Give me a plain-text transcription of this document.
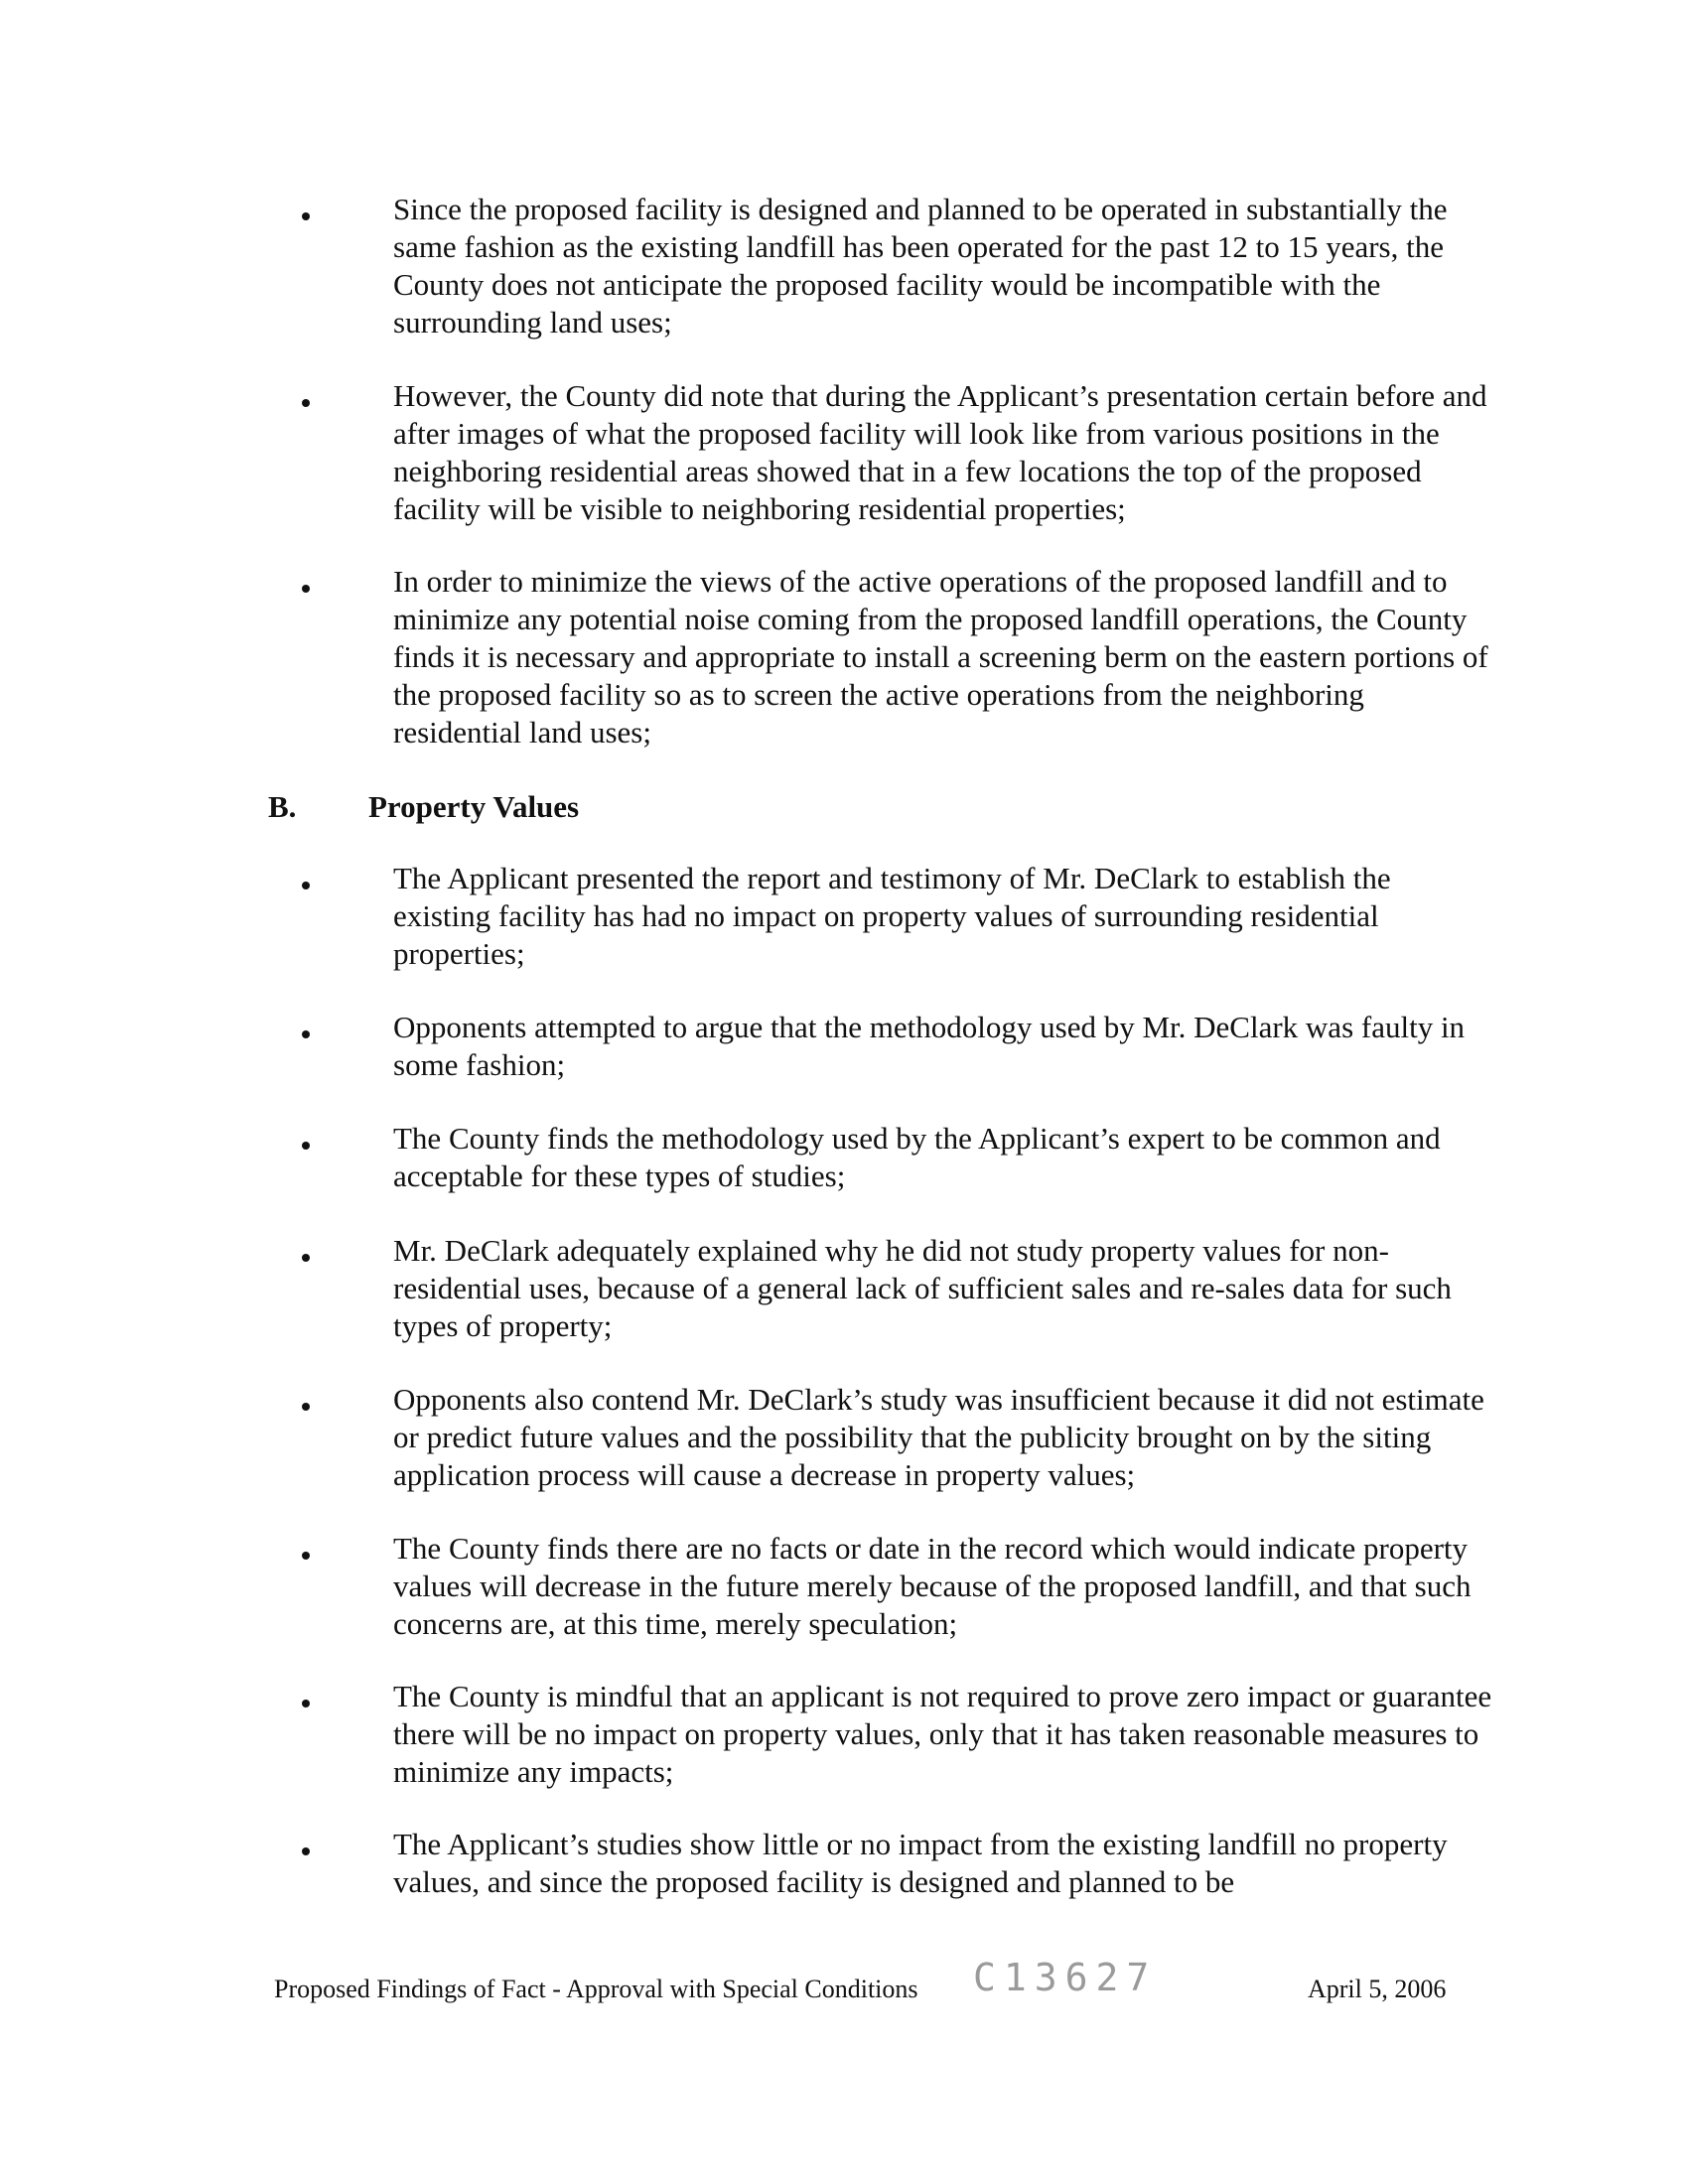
Since the proposed facility is designed and planned to be operated in substantially the same fashion as the existing landfill has been operated for the past 12 to 15 years, the County does not anticipate the proposed facility would be incompatible with the surrounding land uses;
However, the County did note that during the Applicant’s presentation certain before and after images of what the proposed facility will look like from various positions in the neighboring residential areas showed that in a few locations the top of the proposed facility will be visible to neighboring residential properties;
In order to minimize the views of the active operations of the proposed landfill and to minimize any potential noise coming from the proposed landfill operations, the County finds it is necessary and appropriate to install a screening berm on the eastern portions of the proposed facility so as to screen the active operations from the neighboring residential land uses;
B. Property Values
The Applicant presented the report and testimony of Mr. DeClark to establish the existing facility has had no impact on property values of surrounding residential properties;
Opponents attempted to argue that the methodology used by Mr. DeClark was faulty in some fashion;
The County finds the methodology used by the Applicant’s expert to be common and acceptable for these types of studies;
Mr. DeClark adequately explained why he did not study property values for non-residential uses, because of a general lack of sufficient sales and re-sales data for such types of property;
Opponents also contend Mr. DeClark’s study was insufficient because it did not estimate or predict future values and the possibility that the publicity brought on by the siting application process will cause a decrease in property values;
The County finds there are no facts or date in the record which would indicate property values will decrease in the future merely because of the proposed landfill, and that such concerns are, at this time, merely speculation;
The County is mindful that an applicant is not required to prove zero impact or guarantee there will be no impact on property values, only that it has taken reasonable measures to minimize any impacts;
The Applicant’s studies show little or no impact from the existing landfill no property values, and since the proposed facility is designed and planned to be
Proposed Findings of Fact - Approval with Special Conditions C13627	April 5, 2006
